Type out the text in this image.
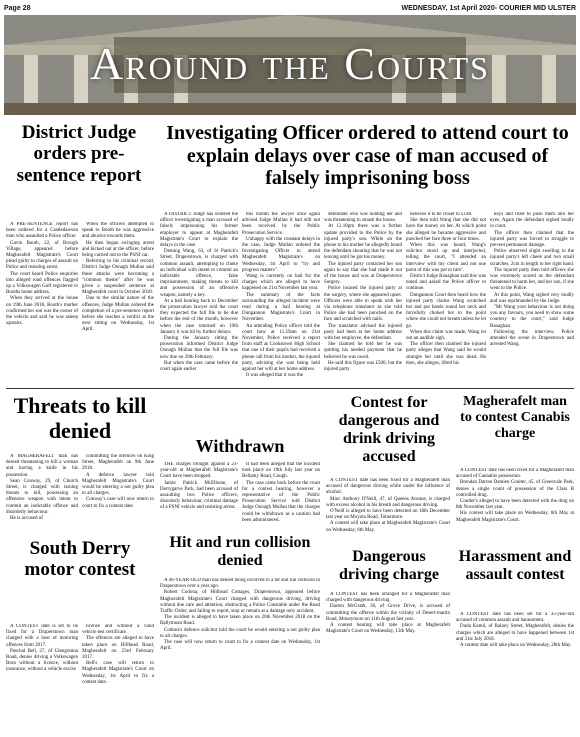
Page 28	WEDNESDAY, 1st April 2020- COURIER MID ULSTER
Around the Courts
District Judge orders pre-sentence report

A PRE-SENTENCE report has been ordered for a Castledawson man who assaulted a Police officer.

Gavin Booth, 22, of Brough Village, appeared before Magherafelt Magistrate's Court plead guilty to charges of assault on Police and resisting arrest.

The court heard Police enquiries into alleged road offences flagged up a Volkswagen Golf registered to Booths home address.

When they arrived at the house on 19th June 2018, Booth's mother confirmed her son was the owner of the vehicle and said he was asleep upstairs.

When the officers attempted to speak to Booth he was aggressive and abusive towards them.

He then began swinging arrest and kicked out at the officer, before being carried out to the PSNI car.

Referring to his criminal record, District Judge Oonagh Mullan said these attacks were becoming a "common theme" after he was given a suspended sentence at Magherafelt court in October 2018.

Due to the similar nature of the offences, Judge Mullan ordered the completion of a pre-sentence report before she reaches a verdict at the next sitting on Wednesday, 1st April.

Investigating Officer ordered to attend court to explain delays over case of man accused of falsely imprisoning boss

A DISTRICT Judge has ordered the officer investigating a man accused of falsely imprisoning his former employer to appear at Magherafelt Magistrate's Court to explain the delays in the case.

Deming Wang, 63, of St Patrick's Street, Draperstown, is charged with common assault, attempting to choke an individual with intent to commit an indictable offence, false imprisonment, making threats to kill and possession of an offensive weapon, namely a key.

At a bail hearing back in December the prosecution lawyer told the court they expected the full file to be due before the end of the month, however when the case returned on 19th January it was hit by further delays.

During the January sitting the prosecution informed District Judge Oonagh Mullan that the full file was now due on 20th February.

But when the case came before the court again earlier

this month the lawyer once again advised Judge Mullan it had still not been received by the Public Prosecution Service.

Unhappy with the constant delays in the case, Judge Mullan ordered the Investigating Officer to attend Magherafelt Magistrate's on Wednesday, 1st April to "try and progress matters".

Wang is currently on bail for the charges which are alleged to have happened on 21st November last year.

The summary of the facts surrounding the alleged incident were read during a bail hearing at Dungannon Magistrate's Court in November.

An attending Police officer told the court how at 11.59am on 21st November, Police received a report from staff at Cookstown High School that one of their pupils had received a phone call from his mother, the injured party, advising she was being held against her will at her home address.

It was alleged that it was the

defendant who was holding her and was threatening to smash the house.

At 12.18pm there was a further update provided to the Police by the injured party's son. While on the phone to his mother he allegedly heard the defendant shouting that he was not leaving until he got his money.

The injured party contacted her son again to say that she had made it out of the house and was at Draperstown Surgery.

Police located the injured party at the surgery, where she appeared upset. Officers were able to speak with her via telephone translator as she told Police she had been punched on the face and scratched with nails.

The translator advised the injured party had been at her home address with her employee, the defendant.

She claimed he told her he was quitting his needed payment that he believed he was owed.

He said this figure was £500, but the injured party

believes it to be closer to £140.

She then told Wang that she did not have the money on her. At which point she alleged he became aggressive and punched her face three or four times.

When this was heard, Wang's solicitor stood up and interjected, telling the court, "I attended an interview with my client and not one point of this was put to him".

District Judge Ranaghan said this was noted and asked the Police officer to continue.

Dungannon Court then heard how the injured party claims Wang scratched her and put hands round her neck and forcefully choked her to the point where she could not breath unless he let go.

When this claim was made, Wang let out an audible sigh.

The officer then claimed the injured party alleges that Wang said he would strangle her until she was dead. He then, she alleges, lifted his

keys and tried to push them into her eyes. Again the defendant sighed loudly in court.

The officer then claimed that the injured party was forced to struggle to prevent permanent damage.

Police observed slight swelling to the injured party's left cheek and two small scratches, 2cm in length to her right hand.

The injured party then told officers she was extremely scared as the defendant threatened to harm her, and her son, if she went to the Police.

At this point, Wang sighed very loudly and was reprimanded by the Judge.

"Mr Wang your behaviour is not doing you any favours, you need to show some courtesy to the court," said Judge Ranaghan.

Following the interview, Police attended the scene in Draperstown and arrested Wang.

Threats to kill denied

A MAGHERAFELT man has denied threatening to kill a woman and having a knife in his possession.

Sean Conway, 29, of Church Street, is charged with issuing threats to kill, possessing an offensive weapon with intent to commit an indictable offence and disorderly behaviour.

He is accused of

committing the offences on King Street, Magherafelt on 9th June 2018.

A defence lawyer told Magherafelt Magistrate's Court would be entering a not guilty plea to all charges.

Conway's case will now return to court to fix a contest date.

Withdrawn

THE charges brought against a 23-year-old at Magherafelt Magistrate's Court have been dropped.

Jamie Patrick McElhone, of Derrygarve Park, had been accused of assaulting two Police officers, disorderly behaviour, criminal damage of a PSNI vehicle and resisting arrest.

It had been alleged that the incident took place on 19th July last year on Bellamy Road, Cough.

The case came back before the court for a contest hearing, however a representative of the Public Prosecution Service told District Judge Oonagh Mullan that the charges could be withdrawn as a caution had been administered.

Hit and run collision denied

A 46-YEAR-OLD man has denied being involved in a hit and run collision in Draperstown over a year ago.

Robert Codona, of Hillhead Cottages, Draperstown, appeared before Magherafelt Magistrate's Court charged with dangerous driving, driving without due care and attention, obstructing a Police Constable under the Road Traffic Order, and failing to report, stop or remain at a damage only accident.

The incident is alleged to have taken place on 26th November 2018 on the Ballymoan Road.

Codona's defence solicitor told the court he would entering a not guilty plea to all charges.

The case will now return to court to fix a contest date on Wednesday, 1st April.

South Derry motor contest

A CONTEST date is set to be fixed for a Draperstown man charged with a host of motoring offences from 2017.

Paschal Bell, 27, of Glengomna Road, denies driving a Volkswagen Bora without a licence, without insurance, without a vehicle excise

licence and without a valid vehicle test certificate.

The offences are alleged to have taken place on Hillhead Road, Magherafelt on 23rd February 2017.

Bell's case will return to Magherafelt Magistrate's Court on Wednesday, 1st April to fix a contest date.

Contest for dangerous and drink driving accused

A CONTEST date has been fixed for a Magherafelt man accused of dangerous driving while under the influence of alcohol.

Marc Anthony O'Neill, 47, of Queens Avenue, is charged with excess alcohol in his breath and dangerous driving.

O'Neill is alleged to have been detected on 18th December last year on Moyola Road, Tobermore.

A contest will take place at Magherafelt Magistrate's Court on Wednesday, 6th May.

Dangerous driving charge

A CONTEST has been arranged for a Magherafelt man charged with dangerous driving.

Darren McGrath, 36, of Grove Drive, is accused of committing the offence within the vicinity of Desert-martin Road, Moneymore on 11th August last year.

A contest hearing will take place at Magherafelt Magistrate's Court on Wednesday, 13th May.

Magherafelt man to contest Canabis charge

A CONTEST date has been fixed for a Magherafelt man accused of Cannabis possession.

Brendan Darren Damien Coulter, 45, of Greenvale Park, denies a single count of possession of the Class B controlled drug.

Coulter's alleged to have been detected with the drug on 8th November last year.

His contest will take place on Wednesday, 6th May at Magherafelt Magistrate's Court.

Harassment and assault contest

A CONTEST date has been set for a 35-year-old accused of common assault and harassment.

Duda Kamil, of Rainey Street, Magherafelt, denies the charges which are alleged to have happened between 1st and 31st July 2018.

A contest date will take place on Wednesday, 20th May.
